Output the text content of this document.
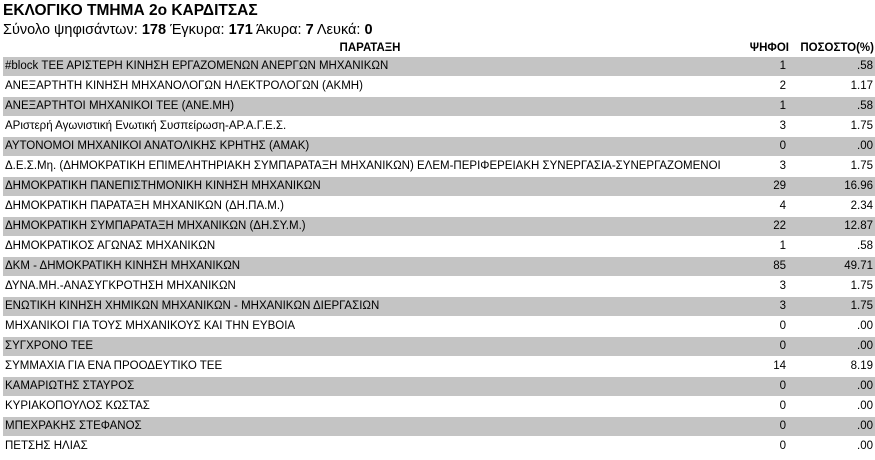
ΕΚΛΟΓΙΚΟ ΤΜΗΜΑ 2ο ΚΑΡΔΙΤΣΑΣ
Σύνολο ψηφισάντων: 178 Έγκυρα: 171 Άκυρα: 7 Λευκά: 0
ΠΑΡΑΤΑΞΗ	ΨΗΦΟΙ	ΠΟΣΟΣΤΟ(%)
#block ΤΕΕ ΑΡΙΣΤΕΡΗ ΚΙΝΗΣΗ ΕΡΓΑΖΟΜΕΝΩΝ ΑΝΕΡΓΩΝ ΜΗΧΑΝΙΚΩΝ	1	.58
ΑΝΕΞΑΡΤΗΤΗ ΚΙΝΗΣΗ ΜΗΧΑΝΟΛΟΓΩΝ ΗΛΕΚΤΡΟΛΟΓΩΝ (ΑΚΜΗ)	2	1.17
ΑΝΕΞΑΡΤΗΤΟΙ ΜΗΧΑΝΙΚΟΙ ΤΕΕ (ΑΝΕ.ΜΗ)	1	.58
ΑΡιστερή Αγωνιστική Ενωτική Συσπείρωση-ΑΡ.Α.Γ.Ε.Σ.	3	1.75
ΑΥΤΟΝΟΜΟΙ ΜΗΧΑΝΙΚΟΙ ΑΝΑΤΟΛΙΚΗΣ ΚΡΗΤΗΣ (ΑΜΑΚ)	0	.00
Δ.Ε.Σ.Μη. (ΔΗΜΟΚΡΑΤΙΚΗ ΕΠΙΜΕΛΗΤΗΡΙΑΚΗ ΣΥΜΠΑΡΑΤΑΞΗ ΜΗΧΑΝΙΚΩΝ) ΕΛΕΜ-ΠΕΡΙΦΕΡΕΙΑΚΗ ΣΥΝΕΡΓΑΣΙΑ-ΣΥΝΕΡΓΑΖΟΜΕΝΟΙ	3	1.75
ΔΗΜΟΚΡΑΤΙΚΗ ΠΑΝΕΠΙΣΤΗΜΟΝΙΚΗ ΚΙΝΗΣΗ ΜΗΧΑΝΙΚΩΝ	29	16.96
ΔΗΜΟΚΡΑΤΙΚΗ ΠΑΡΑΤΑΞΗ ΜΗΧΑΝΙΚΩΝ (ΔΗ.ΠΑ.Μ.)	4	2.34
ΔΗΜΟΚΡΑΤΙΚΗ ΣΥΜΠΑΡΑΤΑΞΗ ΜΗΧΑΝΙΚΩΝ (ΔΗ.ΣΥ.Μ.)	22	12.87
ΔΗΜΟΚΡΑΤΙΚΟΣ ΑΓΩΝΑΣ ΜΗΧΑΝΙΚΩΝ	1	.58
ΔΚΜ - ΔΗΜΟΚΡΑΤΙΚΗ ΚΙΝΗΣΗ ΜΗΧΑΝΙΚΩΝ	85	49.71
ΔΥΝΑ.ΜΗ.-ΑΝΑΣΥΓΚΡΟΤΗΣΗ ΜΗΧΑΝΙΚΩΝ	3	1.75
ΕΝΩΤΙΚΗ ΚΙΝΗΣΗ ΧΗΜΙΚΩΝ ΜΗΧΑΝΙΚΩΝ - ΜΗΧΑΝΙΚΩΝ ΔΙΕΡΓΑΣΙΩΝ	3	1.75
ΜΗΧΑΝΙΚΟΙ ΓΙΑ ΤΟΥΣ ΜΗΧΑΝΙΚΟΥΣ ΚΑΙ ΤΗΝ ΕΥΒΟΙΑ	0	.00
ΣΥΓΧΡΟΝΟ ΤΕΕ	0	.00
ΣΥΜΜΑΧΙΑ ΓΙΑ ΕΝΑ ΠΡΟΟΔΕΥΤΙΚΟ ΤΕΕ	14	8.19
ΚΑΜΑΡΙΩΤΗΣ ΣΤΑΥΡΟΣ	0	.00
ΚΥΡΙΑΚΟΠΟΥΛΟΣ ΚΩΣΤΑΣ	0	.00
ΜΠΕΧΡΑΚΗΣ ΣΤΕΦΑΝΟΣ	0	.00
ΠΕΤΣΗΣ ΗΛΙΑΣ	0	.00
